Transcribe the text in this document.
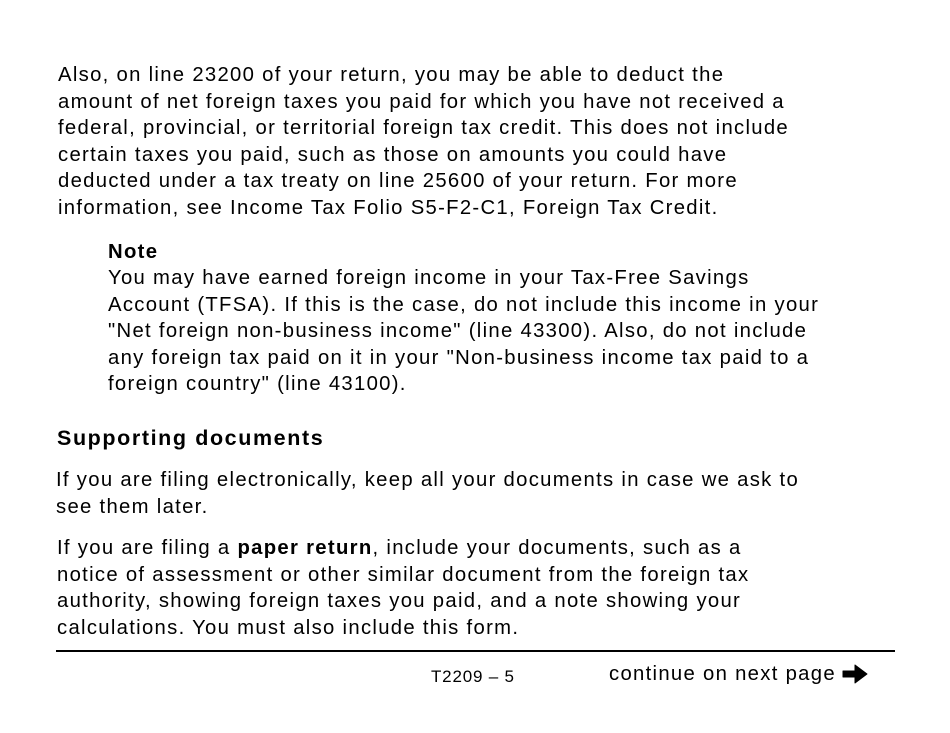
Also, on line 23200 of your return, you may be able to deduct the
amount of net foreign taxes you paid for which you have not received a
federal, provincial, or territorial foreign tax credit. This does not include
certain taxes you paid, such as those on amounts you could have
deducted under a tax treaty on line 25600 of your return. For more
information, see Income Tax Folio S5-F2-C1, Foreign Tax Credit.

Note

You may have earned foreign income in your Tax-Free Savings
Account (TFSA). If this is the case, do not include this income in your
"Net foreign non-business income" (line 43300). Also, do not include
any foreign tax paid on it in your "Non-business income tax paid to a
foreign country" (line 43100).

Supporting documents

If you are filing electronically, keep all your documents in case we ask to
see them later.

If you are filing a paper return, include your documents, such as a
notice of assessment or other similar document from the foreign tax
authority, showing foreign taxes you paid, and a note showing your
calculations. You must also include this form.

T2209 – 5	continue on next page
